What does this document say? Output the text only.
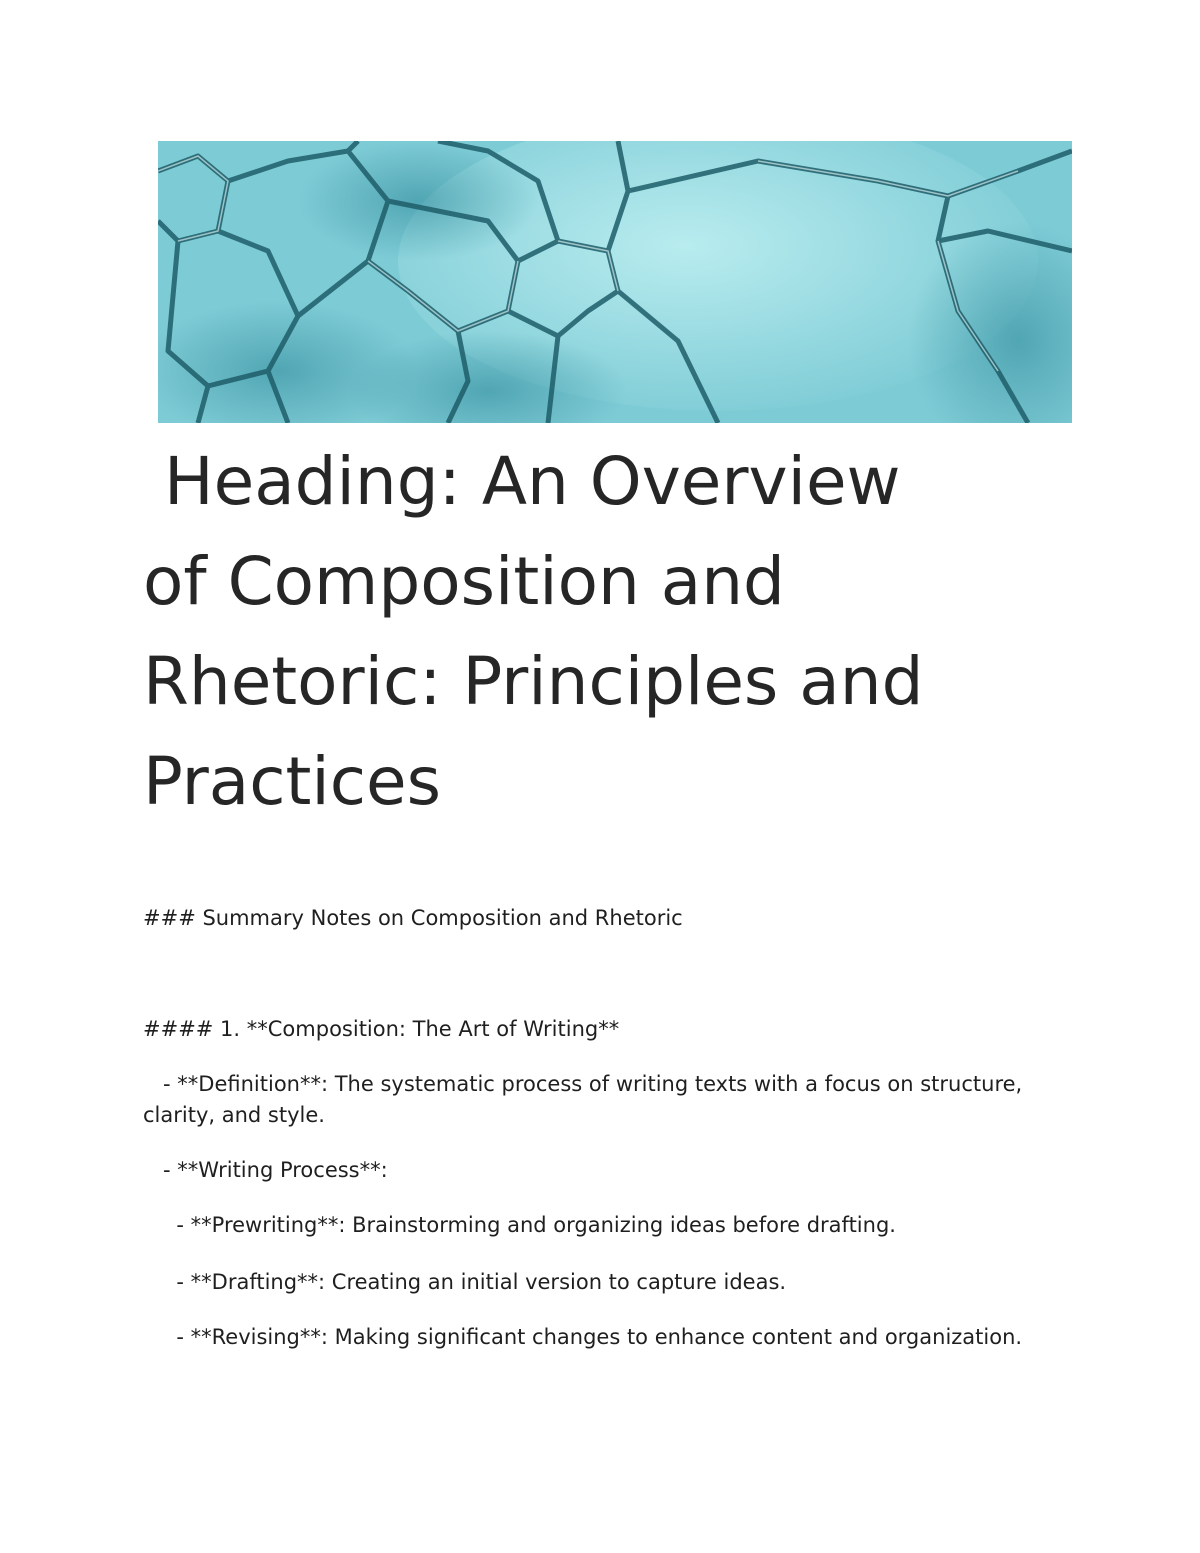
Heading: An Overview
of Composition and
Rhetoric: Principles and
Practices
### Summary Notes on Composition and Rhetoric
#### 1. **Composition: The Art of Writing**
- **Definition**: The systematic process of writing texts with a focus on structure, clarity, and style.
- **Writing Process**:
- **Prewriting**: Brainstorming and organizing ideas before drafting.
- **Drafting**: Creating an initial version to capture ideas.
- **Revising**: Making significant changes to enhance content and organization.
